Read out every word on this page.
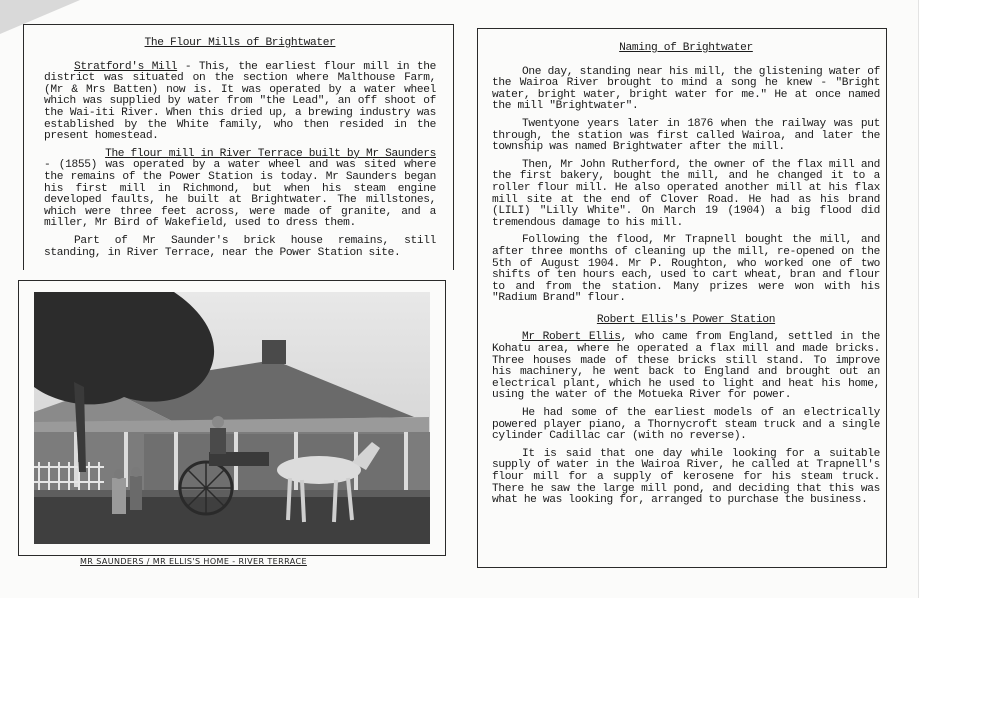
The Flour Mills of Brightwater

Stratford's Mill - This, the earliest flour mill in the district was situated on the section where Malthouse Farm, (Mr & Mrs Batten) now is. It was operated by a water wheel which was supplied by water from "the Lead", an off shoot of the Wai-iti River. When this dried up, a brewing industry was established by the White family, who then resided in the present homestead.

The flour mill in River Terrace built by Mr Saunders

- (1855) was operated by a water wheel and was sited where the remains of the Power Station is today. Mr Saunders began his first mill in Richmond, but when his steam engine developed faults, he built at Brightwater. The millstones, which were three feet across, were made of granite, and a miller, Mr Bird of Wakefield, used to dress them.

Part of Mr Saunder's brick house remains, still standing, in River Terrace, near the Power Station site.

MR SAUNDERS / MR ELLIS'S HOME - RIVER TERRACE
Naming of Brightwater

One day, standing near his mill, the glistening water of the Wairoa River brought to mind a song he knew - "Bright water, bright water, bright water for me." He at once named the mill "Brightwater".

Twentyone years later in 1876 when the railway was put through, the station was first called Wairoa, and later the township was named Brightwater after the mill.

Then, Mr John Rutherford, the owner of the flax mill and the first bakery, bought the mill, and he changed it to a roller flour mill. He also operated another mill at his flax mill site at the end of Clover Road. He had as his brand (LILI) "Lilly White". On March 19 (1904) a big flood did tremendous damage to his mill.

Following the flood, Mr Trapnell bought the mill, and after three months of cleaning up the mill, re-opened on the 5th of August 1904. Mr P. Roughton, who worked one of two shifts of ten hours each, used to cart wheat, bran and flour to and from the station. Many prizes were won with his "Radium Brand" flour.

Robert Ellis's Power Station

Mr Robert Ellis, who came from England, settled in the Kohatu area, where he operated a flax mill and made bricks. Three houses made of these bricks still stand. To improve his machinery, he went back to England and brought out an electrical plant, which he used to light and heat his home, using the water of the Motueka River for power.

He had some of the earliest models of an electrically powered player piano, a Thornycroft steam truck and a single cylinder Cadillac car (with no reverse).

It is said that one day while looking for a suitable supply of water in the Wairoa River, he called at Trapnell's flour mill for a supply of kerosene for his steam truck. There he saw the large mill pond, and deciding that this was what he was looking for, arranged to purchase the business.
